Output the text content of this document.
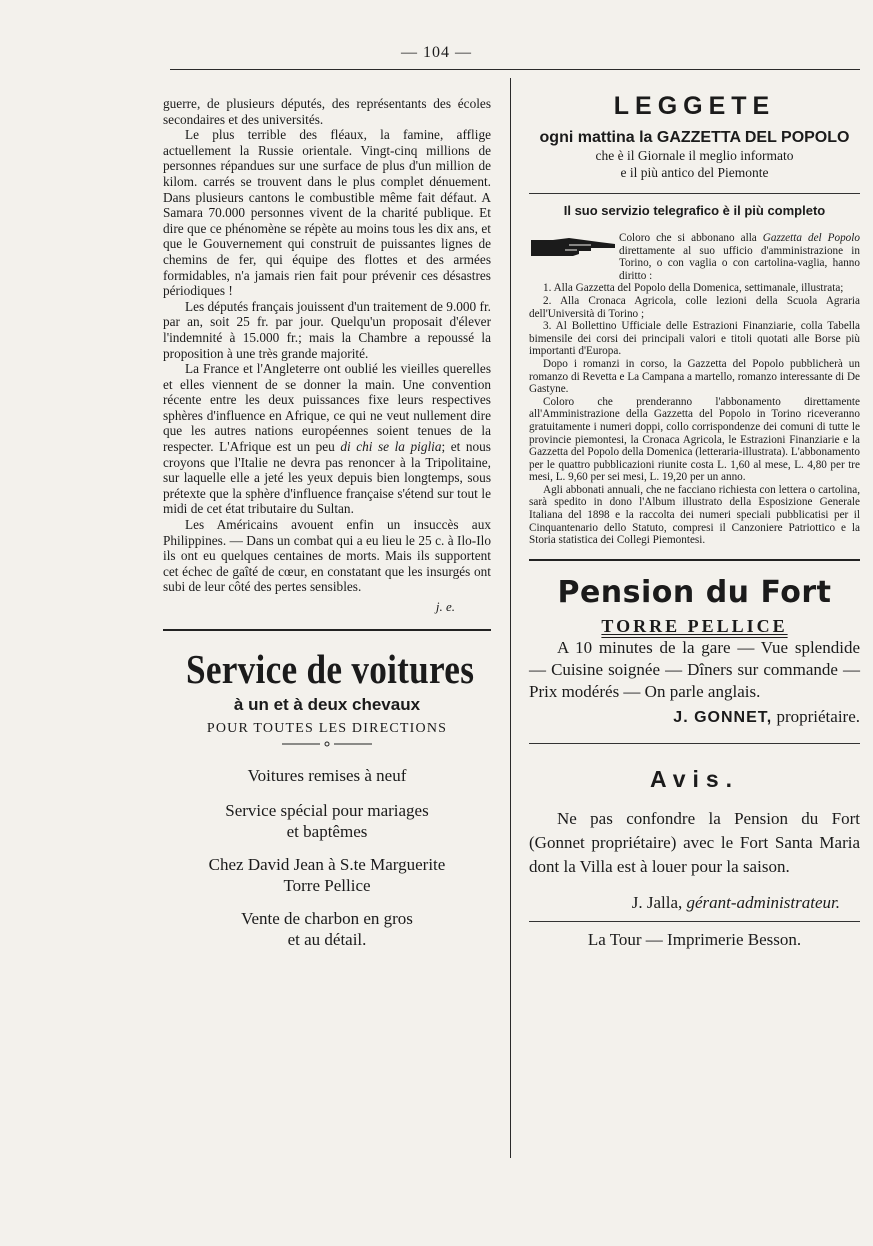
— 104 —

guerre, de plusieurs députés, des représentants des écoles secondaires et des universités.

Le plus terrible des fléaux, la famine, afflige actuellement la Russie orientale. Vingt-cinq millions de personnes répandues sur une surface de plus d'un million de kilom. carrés se trouvent dans le plus complet dénuement. Dans plusieurs cantons le combustible même fait défaut. A Samara 70.000 personnes vivent de la charité publique. Et dire que ce phénomène se répète au moins tous les dix ans, et que le Gouvernement qui construit de puissantes lignes de chemins de fer, qui équipe des flottes et des armées formidables, n'a jamais rien fait pour prévenir ces désastres périodiques !

Les députés français jouissent d'un traitement de 9.000 fr. par an, soit 25 fr. par jour. Quelqu'un proposait d'élever l'indemnité à 15.000 fr.; mais la Chambre a repoussé la proposition à une très grande majorité.

La France et l'Angleterre ont oublié les vieilles querelles et elles viennent de se donner la main. Une convention récente entre les deux puissances fixe leurs respectives sphères d'influence en Afrique, ce qui ne veut nullement dire que les autres nations européennes soient tenues de la respecter. L'Afrique est un peu di chi se la piglia; et nous croyons que l'Italie ne devra pas renoncer à la Tripolitaine, sur laquelle elle a jeté les yeux depuis bien longtemps, sous prétexte que la sphère d'influence française s'étend sur tout le midi de cet état tributaire du Sultan.

Les Américains avouent enfin un insuccès aux Philippines. — Dans un combat qui a eu lieu le 25 c. à Ilo-Ilo ils ont eu quelques centaines de morts. Mais ils supportent cet échec de gaîté de cœur, en constatant que les insurgés ont subi de leur côté des pertes sensibles.

j. e.
Service de voitures
à un et à deux chevaux
POUR TOUTES LES DIRECTIONS
Voitures remises à neuf
Service spécial pour mariages
et baptêmes
Chez David Jean à S.te Marguerite
Torre Pellice
Vente de charbon en gros
et au détail.
LEGGETE
ogni mattina la GAZZETTA DEL POPOLO
che è il Giornale il meglio informato
e il più antico del Piemonte
Il suo servizio telegrafico è il più completo
Coloro che si abbonano alla Gazzetta del Popolo direttamente al suo ufficio d'amministrazione in Torino, o con vaglia o con cartolina-vaglia, hanno diritto :

1. Alla Gazzetta del Popolo della Domenica, settimanale, illustrata;

2. Alla Cronaca Agricola, colle lezioni della Scuola Agraria dell'Università di Torino ;

3. Al Bollettino Ufficiale delle Estrazioni Finanziarie, colla Tabella bimensile dei corsi dei principali valori e titoli quotati alle Borse più importanti d'Europa.

Dopo i romanzi in corso, la Gazzetta del Popolo pubblicherà un romanzo di Revetta e La Campana a martello, romanzo interessante di De Gastyne.

Coloro che prenderanno l'abbonamento direttamente all'Amministrazione della Gazzetta del Popolo in Torino riceveranno gratuitamente i numeri doppi, collo corrispondenze dei comuni di tutte le provincie piemontesi, la Cronaca Agricola, le Estrazioni Finanziarie e la Gazzetta del Popolo della Domenica (letteraria-illustrata). L'abbonamento per le quattro pubblicazioni riunite costa L. 1,60 al mese, L. 4,80 per tre mesi, L. 9,60 per sei mesi, L. 19,20 per un anno.

Agli abbonati annuali, che ne facciano richiesta con lettera o cartolina, sarà spedito in dono l'Album illustrato della Esposizione Generale Italiana del 1898 e la raccolta dei numeri speciali pubblicatisi per il Cinquantenario dello Statuto, compresi il Canzoniere Patriottico e la Storia statistica dei Collegi Piemontesi.

Pension du Fort
TORRE PELLICE

A 10 minutes de la gare — Vue splendide — Cuisine soignée — Dîners sur commande — Prix modérés — On parle anglais.

J. GONNET, propriétaire.
Avis.

Ne pas confondre la Pension du Fort (Gonnet propriétaire) avec le Fort Santa Maria dont la Villa est à louer pour la saison.

J. Jalla, gérant-administrateur.
La Tour — Imprimerie Besson.
